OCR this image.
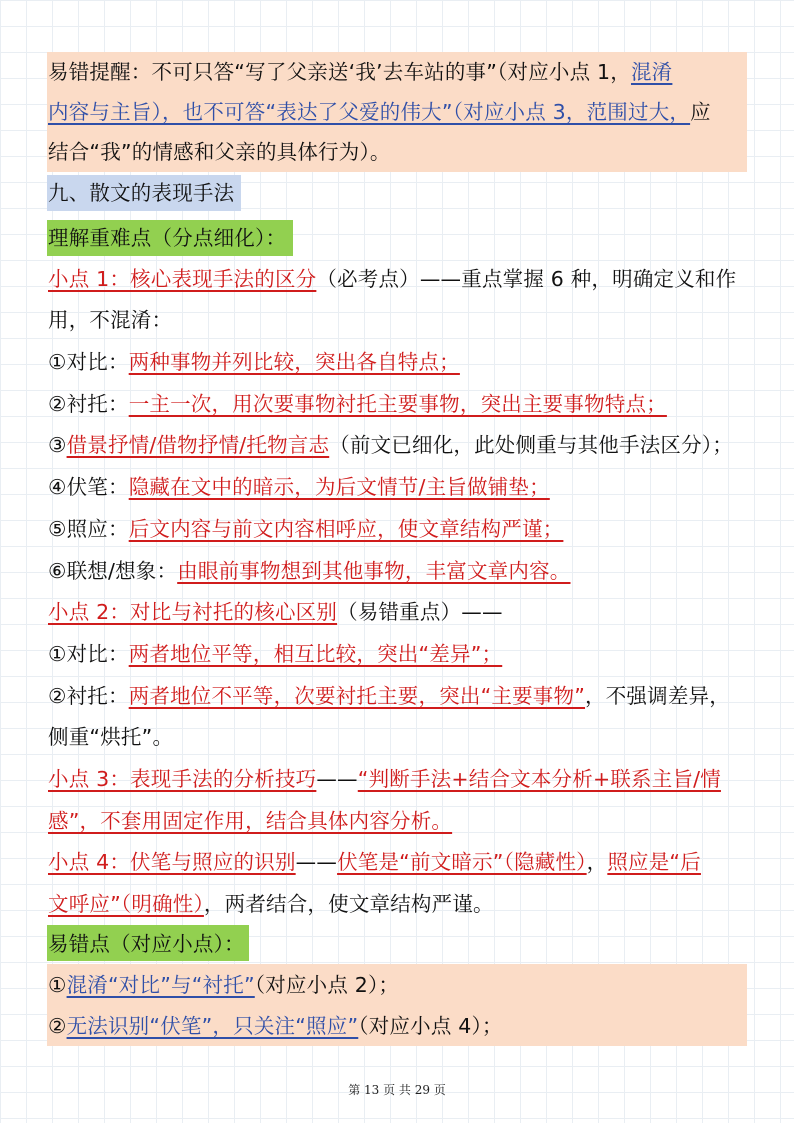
易错提醒：不可只答“写了父亲送‘我’去车站的事”（对应小点 1，混淆
内容与主旨），也不可答“表达了父爱的伟大”（对应小点 3，范围过大，应
结合“我”的情感和父亲的具体行为）。
九、散文的表现手法
理解重难点（分点细化）：
小点 1：核心表现手法的区分（必考点）——重点掌握 6 种，明确定义和作
用，不混淆：
①对比：两种事物并列比较，突出各自特点；
②衬托：一主一次，用次要事物衬托主要事物，突出主要事物特点；
③借景抒情/借物抒情/托物言志（前文已细化，此处侧重与其他手法区分）；
④伏笔：隐藏在文中的暗示，为后文情节/主旨做铺垫；
⑤照应：后文内容与前文内容相呼应，使文章结构严谨；
⑥联想/想象：由眼前事物想到其他事物，丰富文章内容。
小点 2：对比与衬托的核心区别（易错重点）——
①对比：两者地位平等，相互比较，突出“差异”；
②衬托：两者地位不平等，次要衬托主要，突出“主要事物”，不强调差异，
侧重“烘托”。
小点 3：表现手法的分析技巧——“判断手法+结合文本分析+联系主旨/情
感”，不套用固定作用，结合具体内容分析。
小点 4：伏笔与照应的识别——伏笔是“前文暗示”（隐藏性），照应是“后
文呼应”（明确性），两者结合，使文章结构严谨。
易错点（对应小点）：
①混淆“对比”与“衬托”（对应小点 2）；
②无法识别“伏笔”，只关注“照应”（对应小点 4）；
第 13 页 共 29 页
